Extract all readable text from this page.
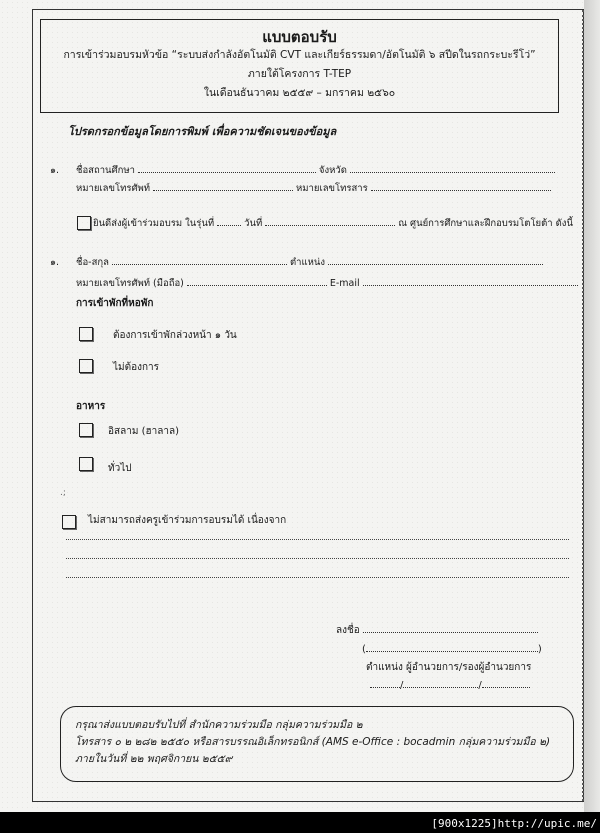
แบบตอบรับ
การเข้าร่วมอบรมหัวข้อ “ระบบส่งกำลังอัตโนมัติ CVT และเกียร์ธรรมดา/อัตโนมัติ ๖ สปีดในรถกระบะรีโว่”
ภายใต้โครงการ T-TEP
ในเดือนธันวาคม ๒๕๕๙ – มกราคม ๒๕๖๐
โปรดกรอกข้อมูลโดยการพิมพ์ เพื่อความชัดเจนของข้อมูล
๑.	ชื่อสถานศึกษา	จังหวัด
หมายเลขโทรศัพท์	หมายเลขโทรสาร
ยินดีส่งผู้เข้าร่วมอบรม ในรุ่นที่	วันที่	ณ ศูนย์การศึกษาและฝึกอบรมโตโยต้า ดังนี้
๑.	ชื่อ-สกุล	ตำแหน่ง
หมายเลขโทรศัพท์ (มือถือ)	E-mail
การเข้าพักที่หอพัก
ต้องการเข้าพักล่วงหน้า ๑ วัน
ไม่ต้องการ
อาหาร
อิสลาม (ฮาลาล)
ทั่วไป
.;
ไม่สามารถส่งครูเข้าร่วมการอบรมได้ เนื่องจาก
ลงชื่อ
(	)
ตำแหน่ง ผู้อำนวยการ/รองผู้อำนวยการ
/	/
กรุณาส่งแบบตอบรับไปที่ สำนักความร่วมมือ กลุ่มความร่วมมือ ๒
โทรสาร ๐ ๒ ๒๘๒ ๒๕๕๐ หรือสารบรรณอิเล็กทรอนิกส์ (AMS e-Office : bocadmin กลุ่มความร่วมมือ ๒)
ภายในวันที่ ๒๒ พฤศจิกายน ๒๕๕๙
[900x1225]http://upic.me/
